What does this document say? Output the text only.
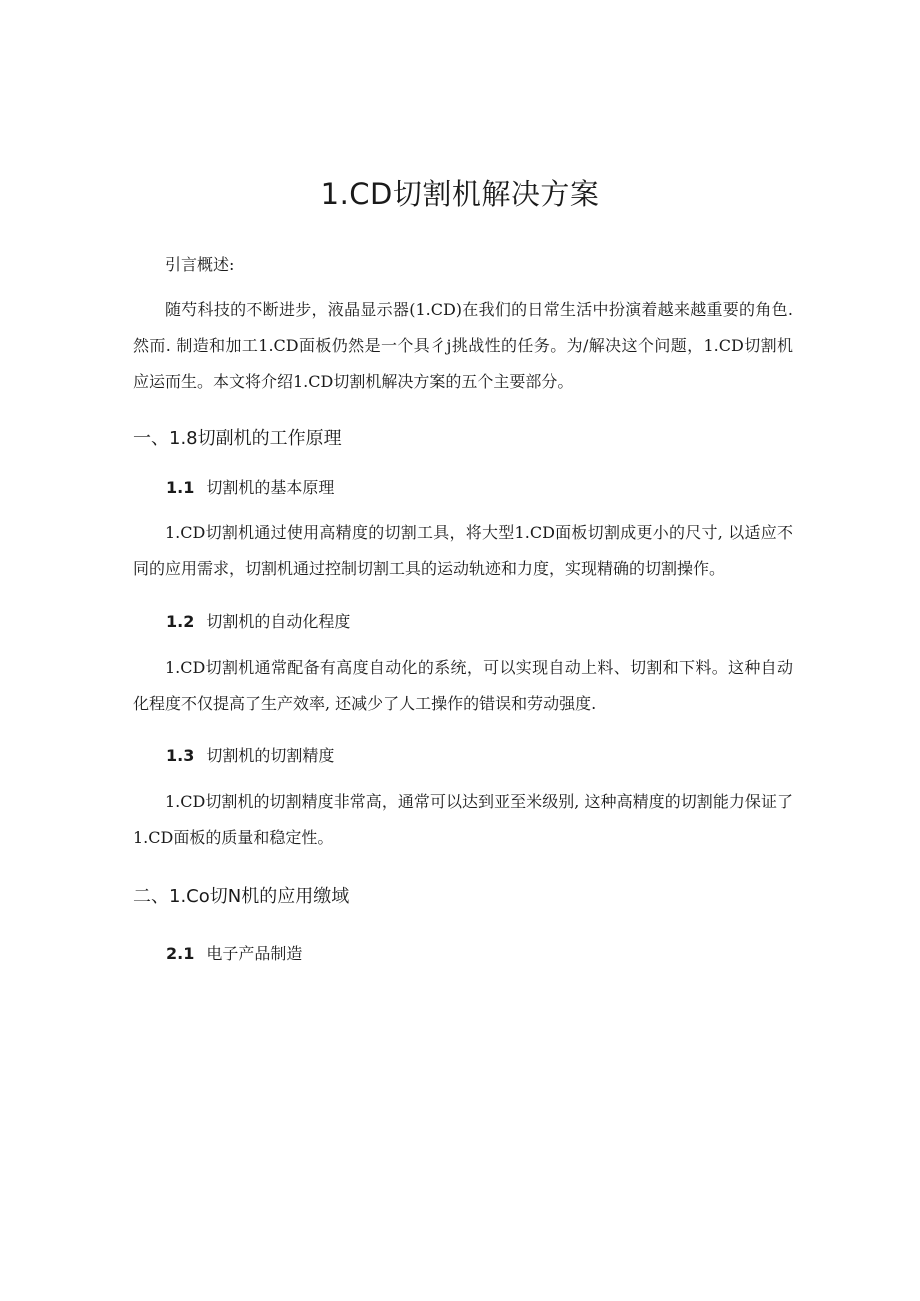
1.CD切割机解决方案

引言概述:

随芍科技的不断进步，液晶显示器(1.CD)在我们的日常生活中扮演着越来越重要的角色. 然而. 制造和加工1.CD面板仍然是一个具彳j挑战性的任务。为/解决这个问题，1.CD切割机应运而生。本文将介绍1.CD切割机解决方案的五个主要部分。

一、1.8切副机的工作原理

1.1 切割机的基本原理

1.CD切割机通过使用高精度的切割工具，将大型1.CD面板切割成更小的尺寸, 以适应不同的应用需求，切割机通过控制切割工具的运动轨迹和力度，实现精确的切割操作。

1.2 切割机的自动化程度

1.CD切割机通常配备有高度自动化的系统，可以实现自动上料、切割和下料。这种自动化程度不仅提高了生产效率, 还减少了人工操作的错误和劳动强度.

1.3 切割机的切割精度

1.CD切割机的切割精度非常高，通常可以达到亚至米级别, 这种高精度的切割能力保证了1.CD面板的质量和稳定性。

二、1.Co切N机的应用缴域

2.1 电子产品制造
